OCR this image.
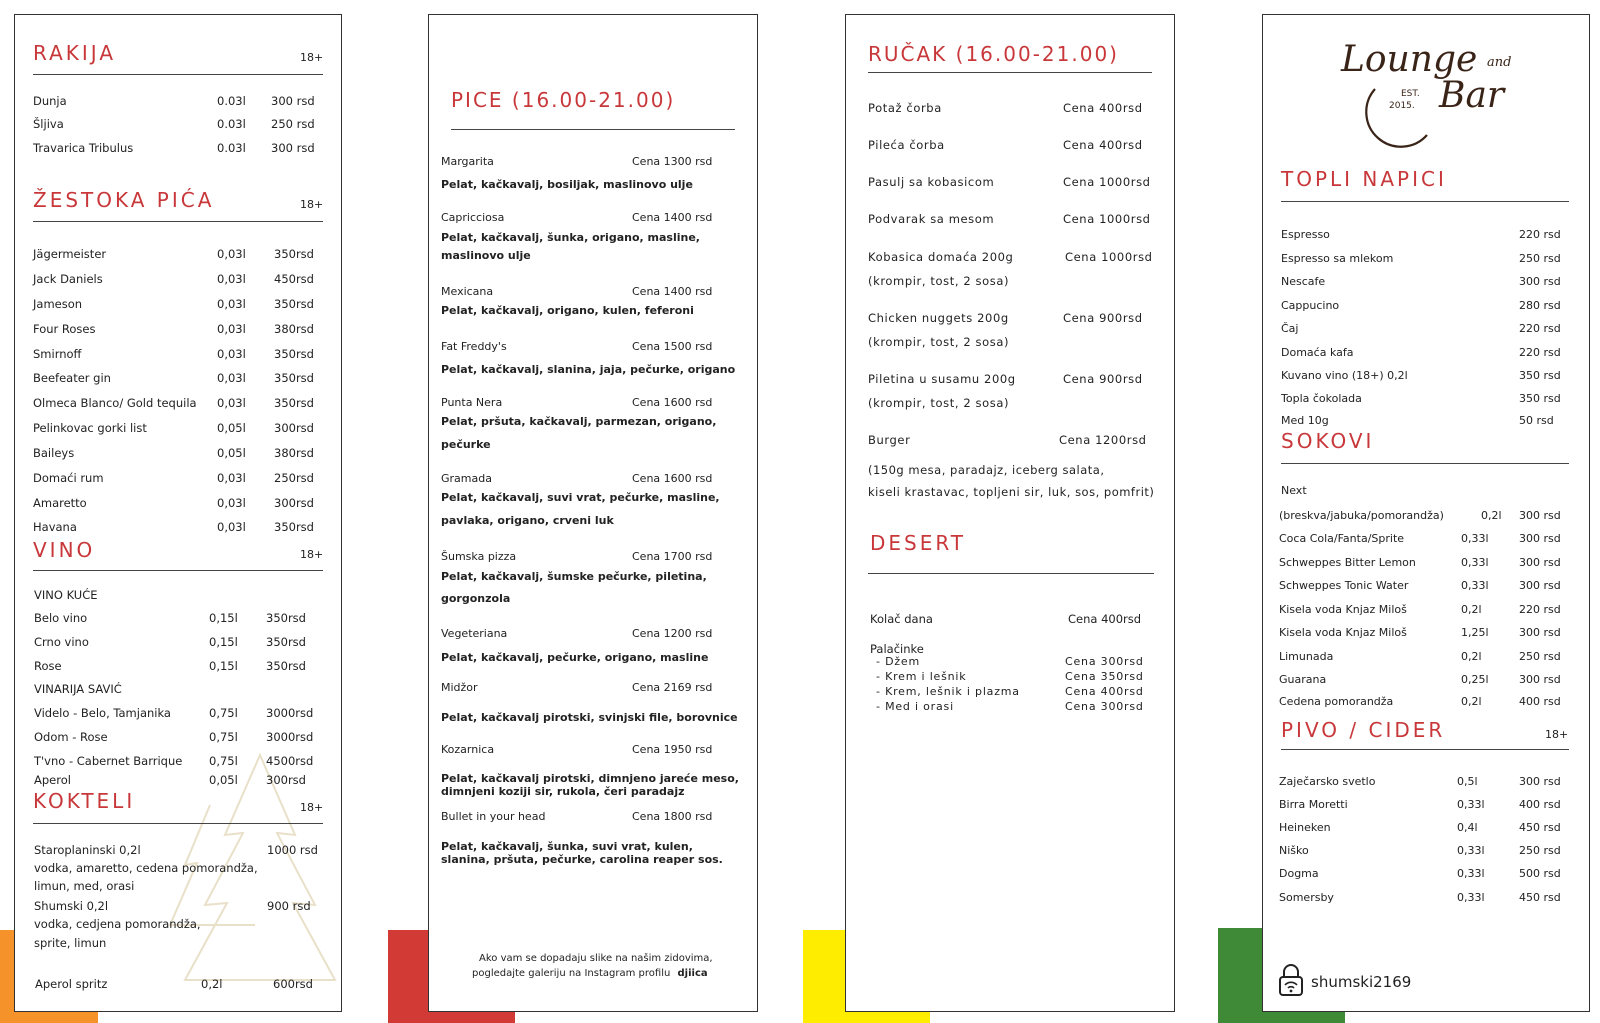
RAKIJA	18+
Dunja	0.03l 300 rsd
Šljiva	0.03l 250 rsd
Travarica Tribulus	0.03l 300 rsd
ŽESTOKA PIĆA	18+
Jägermeister	0,03l 350rsd
Jack Daniels	0,03l 450rsd
Jameson	0,03l 350rsd
Four Roses	0,03l 380rsd
Smirnoff	0,03l 350rsd
Beefeater gin	0,03l 350rsd
Olmeca Blanco/ Gold tequila 0,03l 350rsd
Pelinkovac gorki list	0,05l 300rsd
Baileys	0,05l 380rsd
Domaći rum	0,03l 250rsd
Amaretto	0,03l 300rsd
Havana	0,03l 350rsd
VINO	18+
VINO KUĆE
Belo vino	0,15l 350rsd
Crno vino	0,15l 350rsd
Rose	0,15l 350rsd
VINARIJA SAVIĆ
Videlo - Belo, Tamjanika	0,75l 3000rsd
Odom - Rose	0,75l 3000rsd
T'vno - Cabernet Barrique 0,75l 4500rsd
Aperol	0,05l 300rsd
KOKTELI	18+
Staroplaninski 0,2l	1000 rsd
vodka, amaretto, cedena pomorandža,
limun, med, orasi
Shumski 0,2l	900 rsd
vodka, cedjena pomorandža,
sprite, limun
Aperol spritz	0,2l	600rsd
PICE (16.00-21.00)
Margarita	Cena 1300 rsd
Pelat, kačkavalj, bosiljak, maslinovo ulje
Capricciosa	Cena 1400 rsd
Pelat, kačkavalj, šunka, origano, masline,
maslinovo ulje
Mexicana	Cena 1400 rsd
Pelat, kačkavalj, origano, kulen, feferoni
Fat Freddy's	Cena 1500 rsd
Pelat, kačkavalj, slanina, jaja, pečurke, origano
Punta Nera	Cena 1600 rsd
Pelat, pršuta, kačkavalj, parmezan, origano,
pečurke
Gramada	Cena 1600 rsd
Pelat, kačkavalj, suvi vrat, pečurke, masline,
pavlaka, origano, crveni luk
Šumska pizza	Cena 1700 rsd
Pelat, kačkavalj, šumske pečurke, piletina,
gorgonzola
Vegeteriana	Cena 1200 rsd
Pelat, kačkavalj, pečurke, origano, masline
Midžor	Cena 2169 rsd
Pelat, kačkavalj pirotski, svinjski file, borovnice
Kozarnica	Cena 1950 rsd
Pelat, kačkavalj pirotski, dimnjeno jareće meso,
dimnjeni koziji sir, rukola, čeri paradajz
Bullet in your head	Cena 1800 rsd
Pelat, kačkavalj, šunka, suvi vrat, kulen,
slanina, pršuta, pečurke, carolina reaper sos.
Ako vam se dopadaju slike na našim zidovima,
pogledajte galeriju na Instagram profilu djiica
RUČAK (16.00-21.00)
Potaž čorba	Cena 400rsd
Pileća čorba	Cena 400rsd
Pasulj sa kobasicom	Cena 1000rsd
Podvarak sa mesom	Cena 1000rsd
Kobasica domaća 200g	Cena 1000rsd
(krompir, tost, 2 sosa)
Chicken nuggets 200g	Cena 900rsd
(krompir, tost, 2 sosa)
Piletina u susamu 200g	Cena 900rsd
(krompir, tost, 2 sosa)
Burger	Cena 1200rsd
(150g mesa, paradajz, iceberg salata,
kiseli krastavac, topljeni sir, luk, sos, pomfrit)
DESERT
Kolač dana	Cena 400rsd
Palačinke
- Džem	Cena 300rsd
- Krem i lešnik	Cena 350rsd
- Krem, lešnik i plazma	Cena 400rsd
- Med i orasi	Cena 300rsd
Lounge and
EST.
2015. Bar
TOPLI NAPICI
Espresso	220 rsd
Espresso sa mlekom	250 rsd
Nescafe	300 rsd
Cappucino	280 rsd
Čaj	220 rsd
Domaća kafa	220 rsd
Kuvano vino (18+) 0,2l	350 rsd
Topla čokolada	350 rsd
Med 10g	50 rsd
SOKOVI
Next
(breskva/jabuka/pomorandža)	0,2l 300 rsd
Coca Cola/Fanta/Sprite	0,33l	300 rsd
Schweppes Bitter Lemon	0,33l	300 rsd
Schweppes Tonic Water	0,33l	300 rsd
Kisela voda Knjaz Miloš	0,2l	220 rsd
Kisela voda Knjaz Miloš	1,25l	300 rsd
Limunada	0,2l	250 rsd
Guarana	0,25l	300 rsd
Cedena pomorandža	0,2l	400 rsd
PIVO / CIDER	18+
Zaječarsko svetlo	0,5l	300 rsd
Birra Moretti	0,33l	400 rsd
Heineken	0,4l	450 rsd
Niško	0,33l	250 rsd
Dogma	0,33l	500 rsd
Somersby	0,33l	450 rsd
shumski2169
